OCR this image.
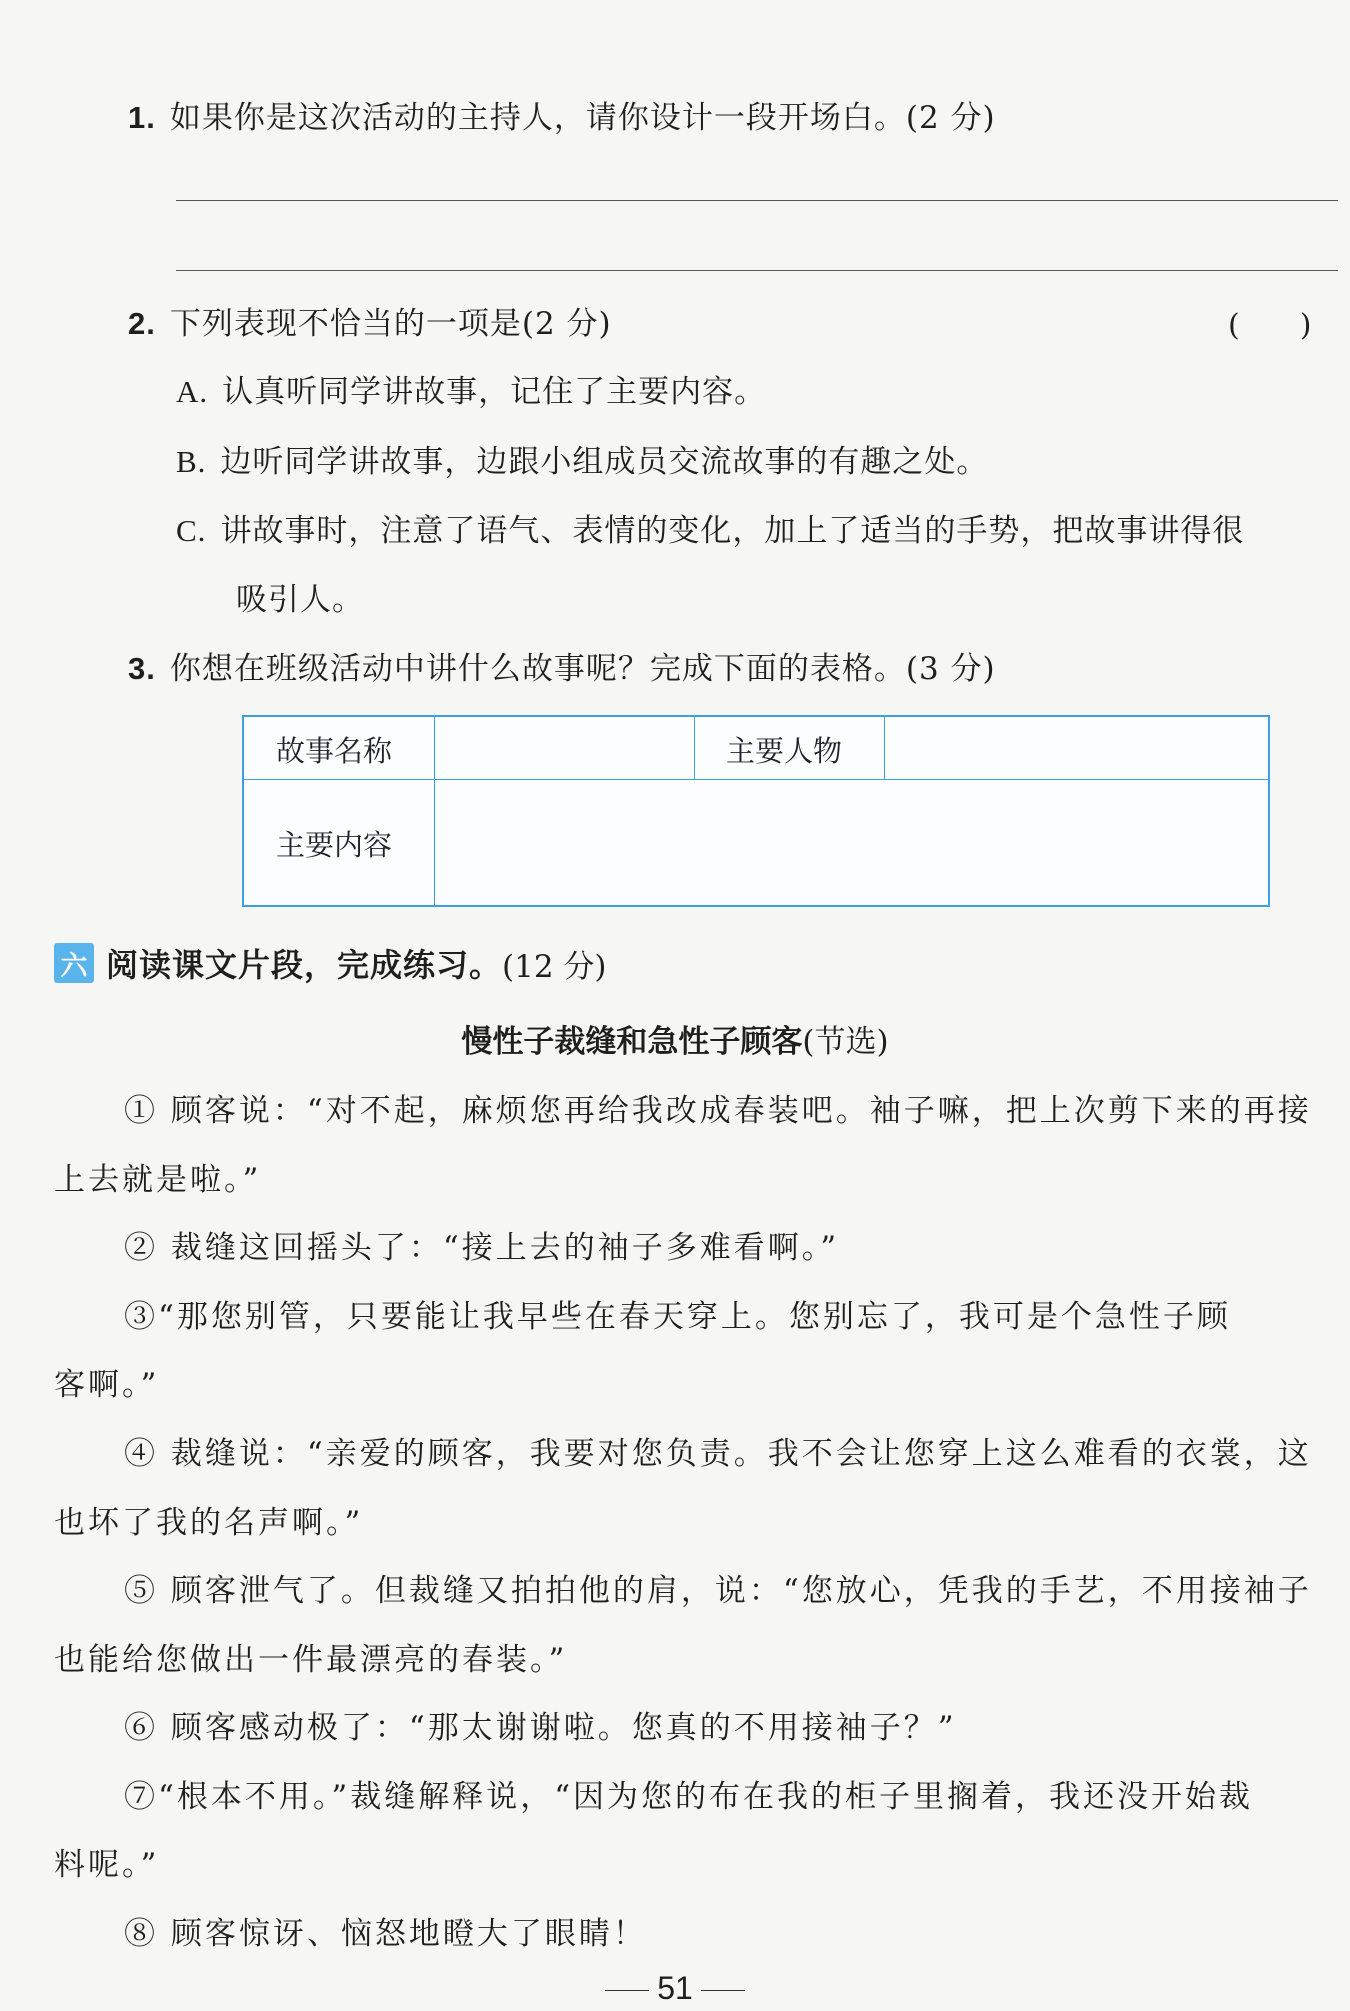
1. 如果你是这次活动的主持人，请你设计一段开场白。(2 分)
2. 下列表现不恰当的一项是(2 分)	(　　)
A. 认真听同学讲故事，记住了主要内容。
B. 边听同学讲故事，边跟小组成员交流故事的有趣之处。
C. 讲故事时，注意了语气、表情的变化，加上了适当的手势，把故事讲得很
吸引人。
3. 你想在班级活动中讲什么故事呢？完成下面的表格。(3 分)
故事名称	主要人物
主要内容
六 阅读课文片段，完成练习。 (12 分)
慢性子裁缝和急性子顾客(节选)
① 顾客说：“对不起，麻烦您再给我改成春装吧。袖子嘛，把上次剪下来的再接
上去就是啦。”
② 裁缝这回摇头了：“接上去的袖子多难看啊。”
③“那您别管，只要能让我早些在春天穿上。您别忘了，我可是个急性子顾
客啊。”
④ 裁缝说：“亲爱的顾客，我要对您负责。我不会让您穿上这么难看的衣裳，这
也坏了我的名声啊。”
⑤ 顾客泄气了。但裁缝又拍拍他的肩，说：“您放心，凭我的手艺，不用接袖子
也能给您做出一件最漂亮的春装。”
⑥ 顾客感动极了：“那太谢谢啦。您真的不用接袖子？”
⑦“根本不用。”裁缝解释说，“因为您的布在我的柜子里搁着，我还没开始裁
料呢。”
⑧ 顾客惊讶、恼怒地瞪大了眼睛！
51
